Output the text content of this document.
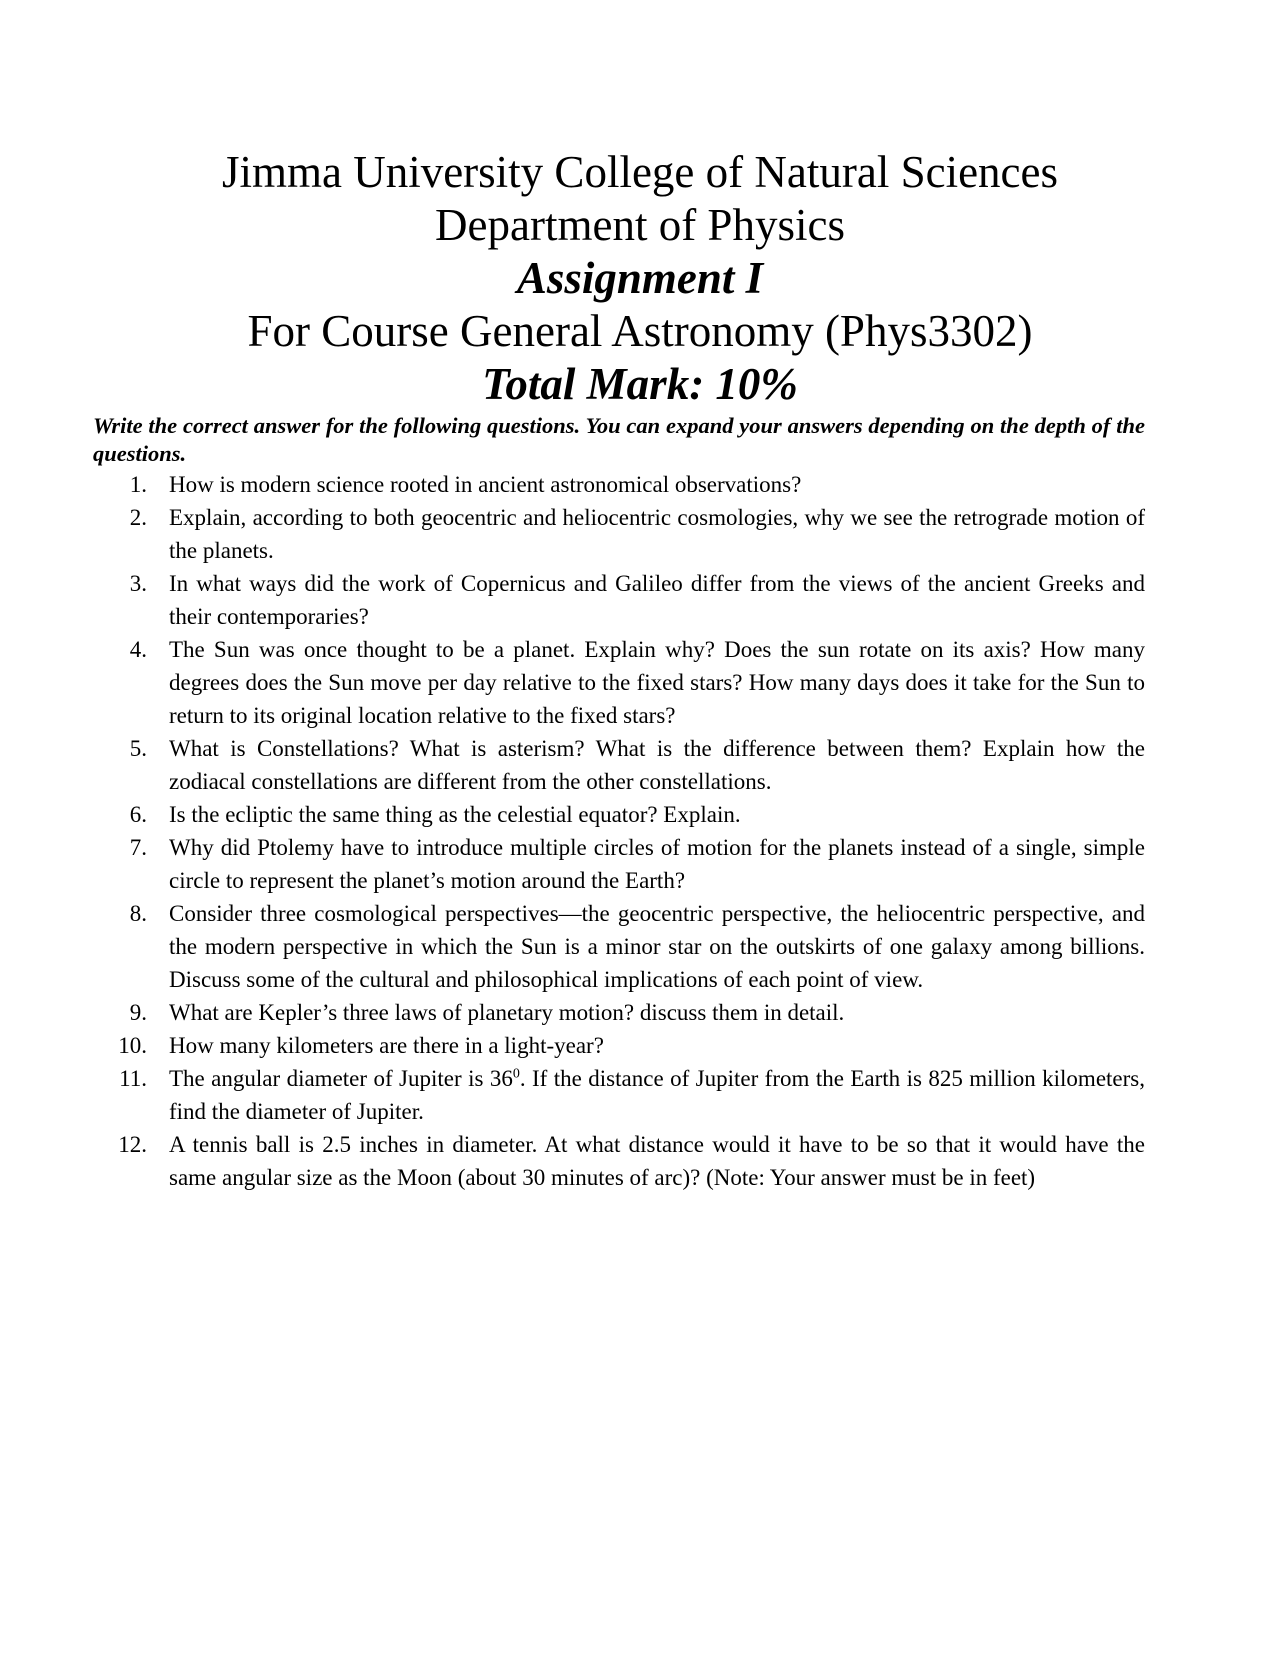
Jimma University College of Natural Sciences
Department of Physics
Assignment I
For Course General Astronomy (Phys3302)
Total Mark: 10%
Write the correct answer for the following questions. You can expand your answers depending on the depth of the questions.
1. How is modern science rooted in ancient astronomical observations?
2. Explain, according to both geocentric and heliocentric cosmologies, why we see the retrograde motion of the planets.
3. In what ways did the work of Copernicus and Galileo differ from the views of the ancient Greeks and their contemporaries?
4. The Sun was once thought to be a planet. Explain why? Does the sun rotate on its axis? How many degrees does the Sun move per day relative to the fixed stars? How many days does it take for the Sun to return to its original location relative to the fixed stars?
5. What is Constellations? What is asterism? What is the difference between them? Explain how the zodiacal constellations are different from the other constellations.
6. Is the ecliptic the same thing as the celestial equator? Explain.
7. Why did Ptolemy have to introduce multiple circles of motion for the planets instead of a single, simple circle to represent the planet’s motion around the Earth?
8. Consider three cosmological perspectives—the geocentric perspective, the heliocentric perspective, and the modern perspective in which the Sun is a minor star on the outskirts of one galaxy among billions. Discuss some of the cultural and philosophical implications of each point of view.
9. What are Kepler’s three laws of planetary motion? discuss them in detail.
10. How many kilometers are there in a light-year?
11. The angular diameter of Jupiter is $36^0$. If the distance of Jupiter from the Earth is 825 million kilometers, find the diameter of Jupiter.
12. A tennis ball is 2.5 inches in diameter. At what distance would it have to be so that it would have the same angular size as the Moon (about 30 minutes of arc)? (Note: Your answer must be in feet)
